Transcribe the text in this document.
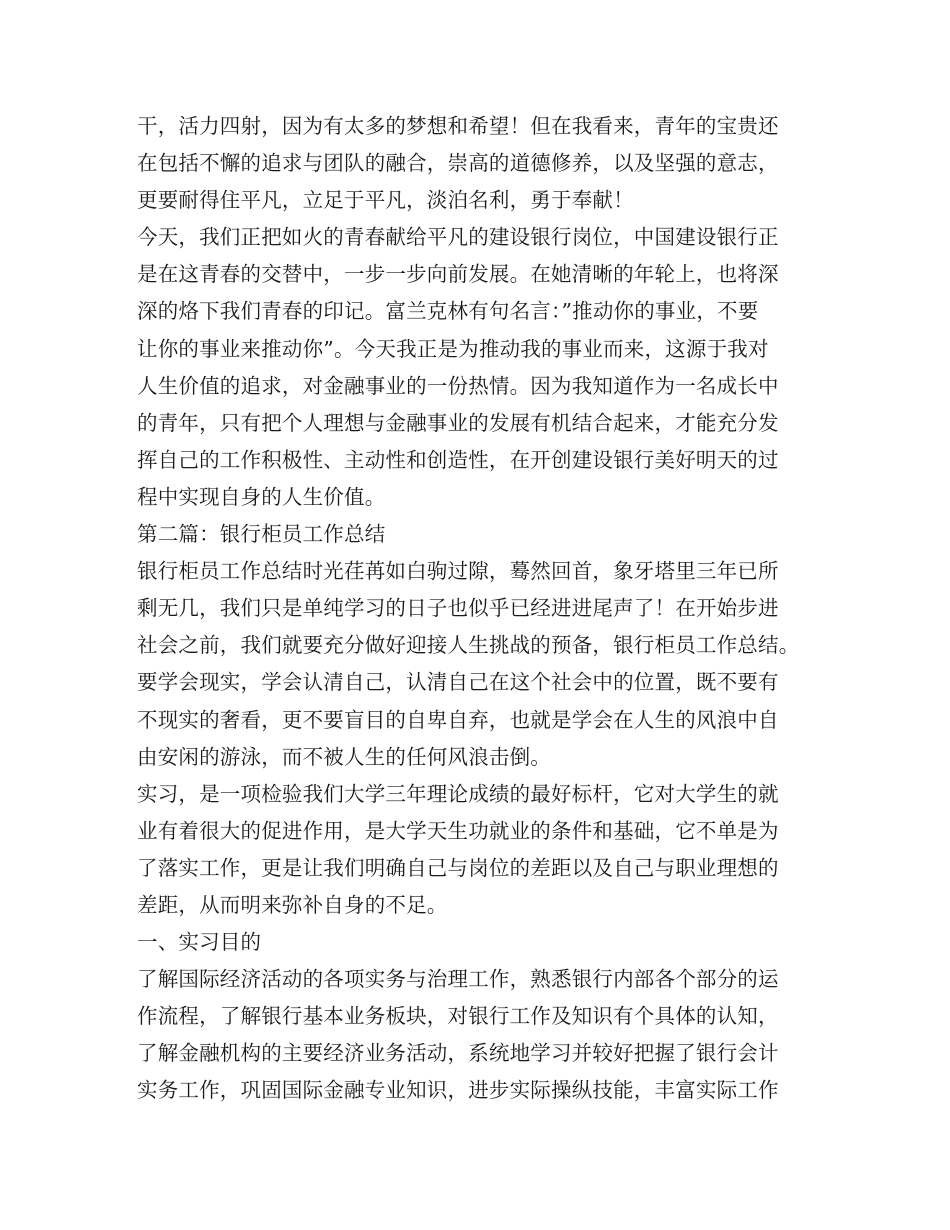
干，活力四射，因为有太多的梦想和希望！但在我看来，青年的宝贵还
在包括不懈的追求与团队的融合，崇高的道德修养，以及坚强的意志，
更要耐得住平凡，立足于平凡，淡泊名利，勇于奉献！
今天，我们正把如火的青春献给平凡的建设银行岗位，中国建设银行正
是在这青春的交替中，一步一步向前发展。在她清晰的年轮上，也将深
深的烙下我们青春的印记。富兰克林有句名言：”推动你的事业，不要
让你的事业来推动你”。今天我正是为推动我的事业而来，这源于我对
人生价值的追求，对金融事业的一份热情。因为我知道作为一名成长中
的青年，只有把个人理想与金融事业的发展有机结合起来，才能充分发
挥自己的工作积极性、主动性和创造性，在开创建设银行美好明天的过
程中实现自身的人生价值。
第二篇：银行柜员工作总结
银行柜员工作总结时光荏苒如白驹过隙，蓦然回首，象牙塔里三年已所
剩无几，我们只是单纯学习的日子也似乎已经进进尾声了！在开始步进
社会之前，我们就要充分做好迎接人生挑战的预备，银行柜员工作总结。
要学会现实，学会认清自己，认清自己在这个社会中的位置，既不要有
不现实的奢看，更不要盲目的自卑自弃，也就是学会在人生的风浪中自
由安闲的游泳，而不被人生的任何风浪击倒。
实习，是一项检验我们大学三年理论成绩的最好标杆，它对大学生的就
业有着很大的促进作用，是大学天生功就业的条件和基础，它不单是为
了落实工作，更是让我们明确自己与岗位的差距以及自己与职业理想的
差距，从而明来弥补自身的不足。
一、实习目的
了解国际经济活动的各项实务与治理工作，熟悉银行内部各个部分的运
作流程，了解银行基本业务板块，对银行工作及知识有个具体的认知，
了解金融机构的主要经济业务活动，系统地学习并较好把握了银行会计
实务工作，巩固国际金融专业知识，进步实际操纵技能，丰富实际工作
